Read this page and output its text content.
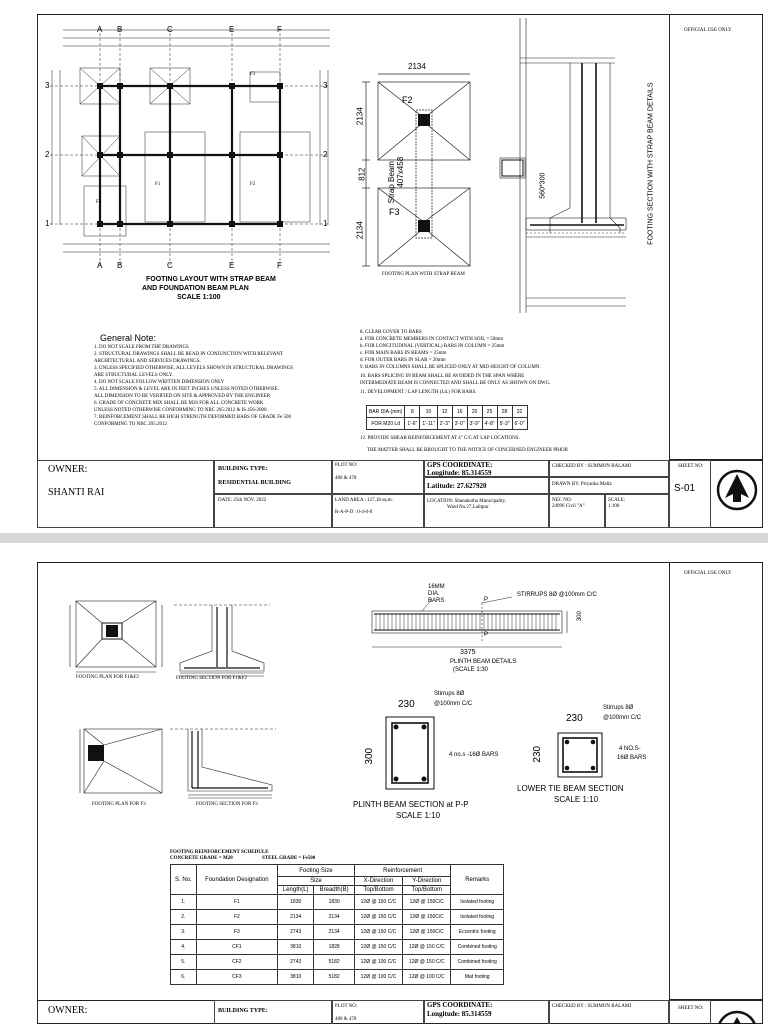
OFFICIAL USE ONLY
A B	C	E	F
A B	C	E	F
3
2
1
3
2
1
F1	F2
F3
F4
FOOTING LAYOUT WITH STRAP BEAM
AND FOUNDATION BEAM PLAN
SCALE 1:100
2134
2134
812
2134
F2
F3
Strap Beam 407x458
FOOTING PLAN WITH STRAP BEAM
560*300	FOOTING SECTION WITH STRAP BEAM DETAILS
General Note:
1. DO NOT SCALE FROM THE DRAWINGS
2. STRUCTURAL DRAWINGS SHALL BE READ IN CONJUNCTION WITH RELEVANT
ARCHITECTURAL AND SERVICES DRAWINGS.
3. UNLESS SPECIFIED OTHERWISE, ALL LEVELS SHOWN IN STRUCTURAL DRAWINGS
ARE STRUCTURAL LEVELS ONLY.
4. DO NOT SCALE FOLLOW WRITTEN DIMENSION ONLY
5. ALL DIMENSION & LEVEL ARE IN FEET INCHES UNLESS NOTED OTHERWISE.
ALL DIMENSION TO BE VERIFIED ON SITE & APPROVED BY THE ENGINEER
6. GRADE OF CONCRETE MIX SHALL BE M20 FOR ALL CONCRETE WORK
UNLESS NOTED OTHERWISE CONFORMING TO NBC 205:2012 & IS 456-2000.
7. REINFORCEMENT SHALL BE HIGH STRENGTH DEFORMED BARS OF GRADE Fe 500
CONFORMING TO NBC 205:2012
8. CLEAR COVER TO BARS
a. FOR CONCRETE MEMBERS IN CONTACT WITH SOIL = 50mm
b. FOR LONGITUDINAL (VERTICAL) BARS IN COLUMN = 25mm
c. FOR MAIN BARS IN BEAMS = 25mm
d. FOR OUTER BARS IN SLAB = 20mm
9. BARS IN COLUMNS SHALL BE SPLICED ONLY AT MID HEIGHT OF COLUMN.
10. BARS SPLICING IN BEAM SHALL BE AVOIDED IN THE SPAN WHERE
INTERMEDIATE BEAM IS CONNECTED AND SHALL BE ONLY AS SHOWN ON DWG.
11. DEVELOPMENT / LAP LENGTH (Ld.) FOR BARS.
BAR DIA-(mm)	8	10	12	16	20	25	28	32
FOR M20 Ld	1'-6"	1'-11"	2'-3"	3'-0"	3'-9"	4'-8"	5'-3"	6'-0"
12. PROVIDE SHEAR REINFORCEMENT AT 4" C/C AT LAP LOCATIONS.
THE MATTER SHALL BE BROUGHT TO THE NOTICE OF CONCERNED ENGINEER PRIOR
OWNER:
SHANTI RAI
BUILDING TYPE:
RESIDENTIAL BUILDING
DATE: 25th NOV. 2022
PLOT NO:
480 & 478
LAND AREA : 127.18 sq.m.
R-A-P-D : 0-4-0-0
GPS COORDINATE:
Longitude: 85.314559
Latitude: 27.627920
LOCATION: Shanakotha Municipality,
Ward No.27,Lalitpur
CHECKED BY : SUMMON BALAMI
DRAWN BY: Priyanka Malla
NEC NO:
24096 Civil "A"
SCALE:
1:100
SHEET NO:
S-01
OFFICIAL USE ONLY
FOOTING PLAN FOR F1&F2	FOOTING SECTION FOR F1&F2
FOOTING PLAN FOR F3	FOOTING SECTION FOR F3
16MM
DIA.
BARS
STIRRUPS 8Ø @100mm C/C
P
P
300
3375
PLINTH BEAM DETAILS
(SCALE 1:30
230
300
Stirrups 8Ø
@100mm C/C
4 no.s -16Ø BARS
PLINTH BEAM SECTION at P-P
SCALE 1:10
230
230
Stirrups 8Ø
@100mm C/C
4 NO.S-
16Ø BARS
LOWER TIE BEAM SECTION
SCALE 1:10
FOOTING REINFORCEMENT SCHEDULE
CONCRETE GRADE = M20	STEEL GRADE = Fe500
S. No.	Foundation Designation	Footing Size		Reinforcement		Remarks
		Size		X-Direction	Y-Direction	
		Length(L)	Breadth(B)	Top/Bottom	Top/Bottom	
1.	F1	1830	1830	12Ø @ 150 C/C	12Ø @ 150C/C	Isolated footing
2.	F2	2134	2134	12Ø @ 150 C/C	12Ø @ 150C/C	Isolated footing
3.	F3	2743	2134	12Ø @ 150 C/C	12Ø @ 150C/C	Eccentric footing
4.	CF1	3810	1828	12Ø @ 150 C/C	12Ø @ 150 C/C	Combined footing
5.	CF2	2743	5182	12Ø @ 100 C/C	12Ø @ 150 C/C	Combined footing
6.	CF3	3810	5182	12Ø @ 100 C/C	12Ø @ 100 C/C	Mat footing
OWNER:	BUILDING TYPE:
PLOT NO:
480 & 478
GPS COORDINATE:
Longitude: 85.314559
CHECKED BY : SUMMON BALAMI	SHEET NO:
